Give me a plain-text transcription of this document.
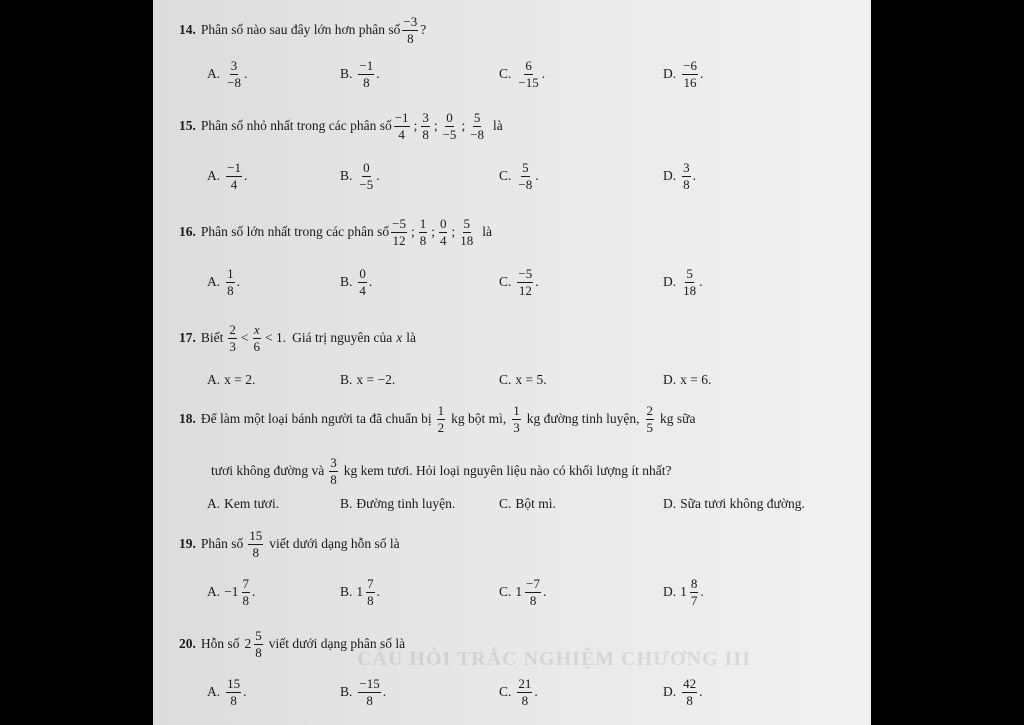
14. Phân số nào sau đây lớn hơn phân số $\frac{-3}{8}$ ?
A. $\frac{3}{-8}$ .	B. $\frac{-1}{8}$ .	C. $\frac{6}{-15}$ .	D. $\frac{-6}{16}$ .
15. Phân số nhỏ nhất trong các phân số $\frac{-1}{4}$ ; $\frac{3}{8}$ ; $\frac{0}{-5}$ ; $\frac{5}{-8}$ là
A. $\frac{-1}{4}$ .	B. $\frac{0}{-5}$ .	C. $\frac{5}{-8}$ .	D. $\frac{3}{8}$ .
16. Phân số lớn nhất trong các phân số $\frac{-5}{12}$ ; $\frac{1}{8}$ ; $\frac{0}{4}$ ; $\frac{5}{18}$ là
A. $\frac{1}{8}$ .	B. $\frac{0}{4}$ .	C. $\frac{-5}{12}$ .	D. $\frac{5}{18}$ .
17. Biết $\frac{2}{3} < \frac{x}{6} < 1$. Giá trị nguyên của x là
A. x = 2.	B. x = −2.	C. x = 5.	D. x = 6.
18. Để làm một loại bánh người ta đã chuẩn bị $\frac{1}{2}$ kg bột mì, $\frac{1}{3}$ kg đường tinh luyện, $\frac{2}{5}$ kg sữa
tươi không đường và $\frac{3}{8}$ kg kem tươi. Hỏi loại nguyên liệu nào có khối lượng ít nhất?
A. Kem tươi.	B. Đường tinh luyện.	C. Bột mì.	D. Sữa tươi không đường.
19. Phân số $\frac{15}{8}$ viết dưới dạng hỗn số là
A. $-1 \frac{7}{8}$ .	B. $1 \frac{7}{8}$ .	C. $1 \frac{-7}{8}$ .	D. $1 \frac{8}{7}$ .
20. Hỗn số $2 \frac{5}{8}$ viết dưới dạng phân số là
CÂU HỎI TRẮC NGHIỆM CHƯƠNG III
A. $\frac{15}{8}$ .	B. $\frac{-15}{8}$ .	C. $\frac{21}{8}$ .	D. $\frac{42}{8}$ .
